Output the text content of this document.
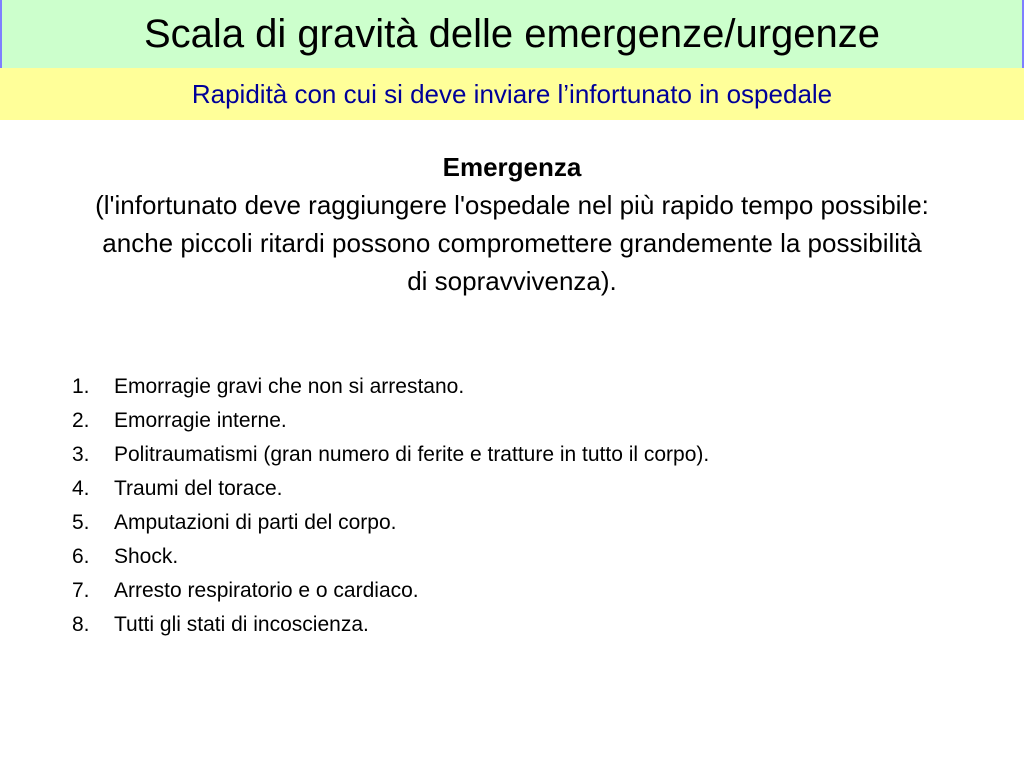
Scala di gravità delle emergenze/urgenze
Rapidità con cui si deve inviare l’infortunato in ospedale
Emergenza
(l'infortunato deve raggiungere l'ospedale nel più rapido tempo possibile: anche piccoli ritardi possono compromettere grandemente la possibilità di sopravvivenza).
1.	Emorragie gravi che non si arrestano.
2.	Emorragie interne.
3.	Politraumatismi (gran numero di ferite e tratture in tutto il corpo).
4.	Traumi del torace.
5.	Amputazioni di parti del corpo.
6.	Shock.
7.	Arresto respiratorio e o cardiaco.
8.	Tutti gli stati di incoscienza.
